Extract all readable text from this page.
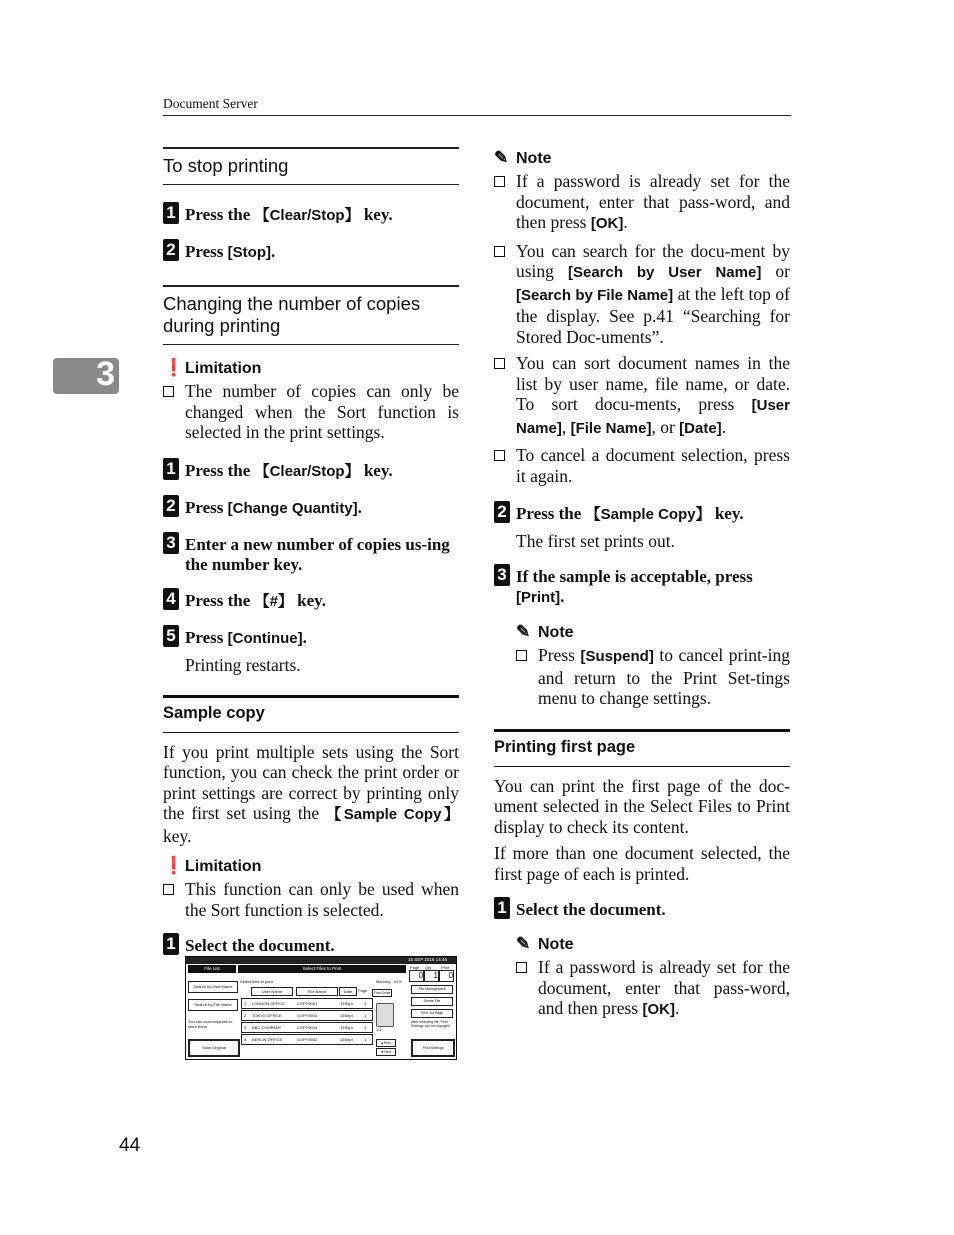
Document Server
3
44
To stop printing
1 Press the 【Clear/Stop】 key.
2 Press [Stop].
Changing the number of copies during printing
❗ Limitation
The number of copies can only be changed when the Sort function is selected in the print settings.
1 Press the 【Clear/Stop】 key.
2 Press [Change Quantity].
3 Enter a new number of copies us-ing the number key.
4 Press the 【#】 key.
5 Press [Continue].
Printing restarts.
Sample copy
If you print multiple sets using the Sort function, you can check the print order or print settings are correct by printing only the first set using the 【Sample Copy】 key.
❗ Limitation
This function can only be used when the Sort function is selected.
1 Select the document.
15 SEP 2016 14:46
File List	Select Files to Print
Search by User Name
Search by File Name
You can scan originals to store them
Scan Original
Select files to print.	Memory : 91%
User Name	File Name	Date	Page
1 LONDON OFFICE	COPY0001	15Sept	1
2 TOKYO OFFICE	COPY0004	15Sept	1
3 ABC COMPANY	COPY0003	15Sept	1
4 BERLIN OFFICE	COPY0002	15Sept	1
Print Order
1/1
▲Prev.
▼Next
Page Qty Print
0	1	0
File Management
Delete File
Print 1st Page
After selecting file, Print Settings can be changed
Print Settings
✎ Note
If a password is already set for the document, enter that pass-word, and then press [OK].
You can search for the docu-ment by using [Search by User Name] or [Search by File Name] at the left top of the display. See p.41 “Searching for Stored Doc-uments”.
You can sort document names in the list by user name, file name, or date. To sort docu-ments, press [User Name], [File Name], or [Date].
To cancel a document selection, press it again.
2 Press the 【Sample Copy】 key.
The first set prints out.
3 If the sample is acceptable, press [Print].
✎ Note
Press [Suspend] to cancel print-ing and return to the Print Set-tings menu to change settings.
Printing first page
You can print the first page of the doc-ument selected in the Select Files to Print display to check its content.
If more than one document selected, the first page of each is printed.
1 Select the document.
✎ Note
If a password is already set for the document, enter that pass-word, and then press [OK].
